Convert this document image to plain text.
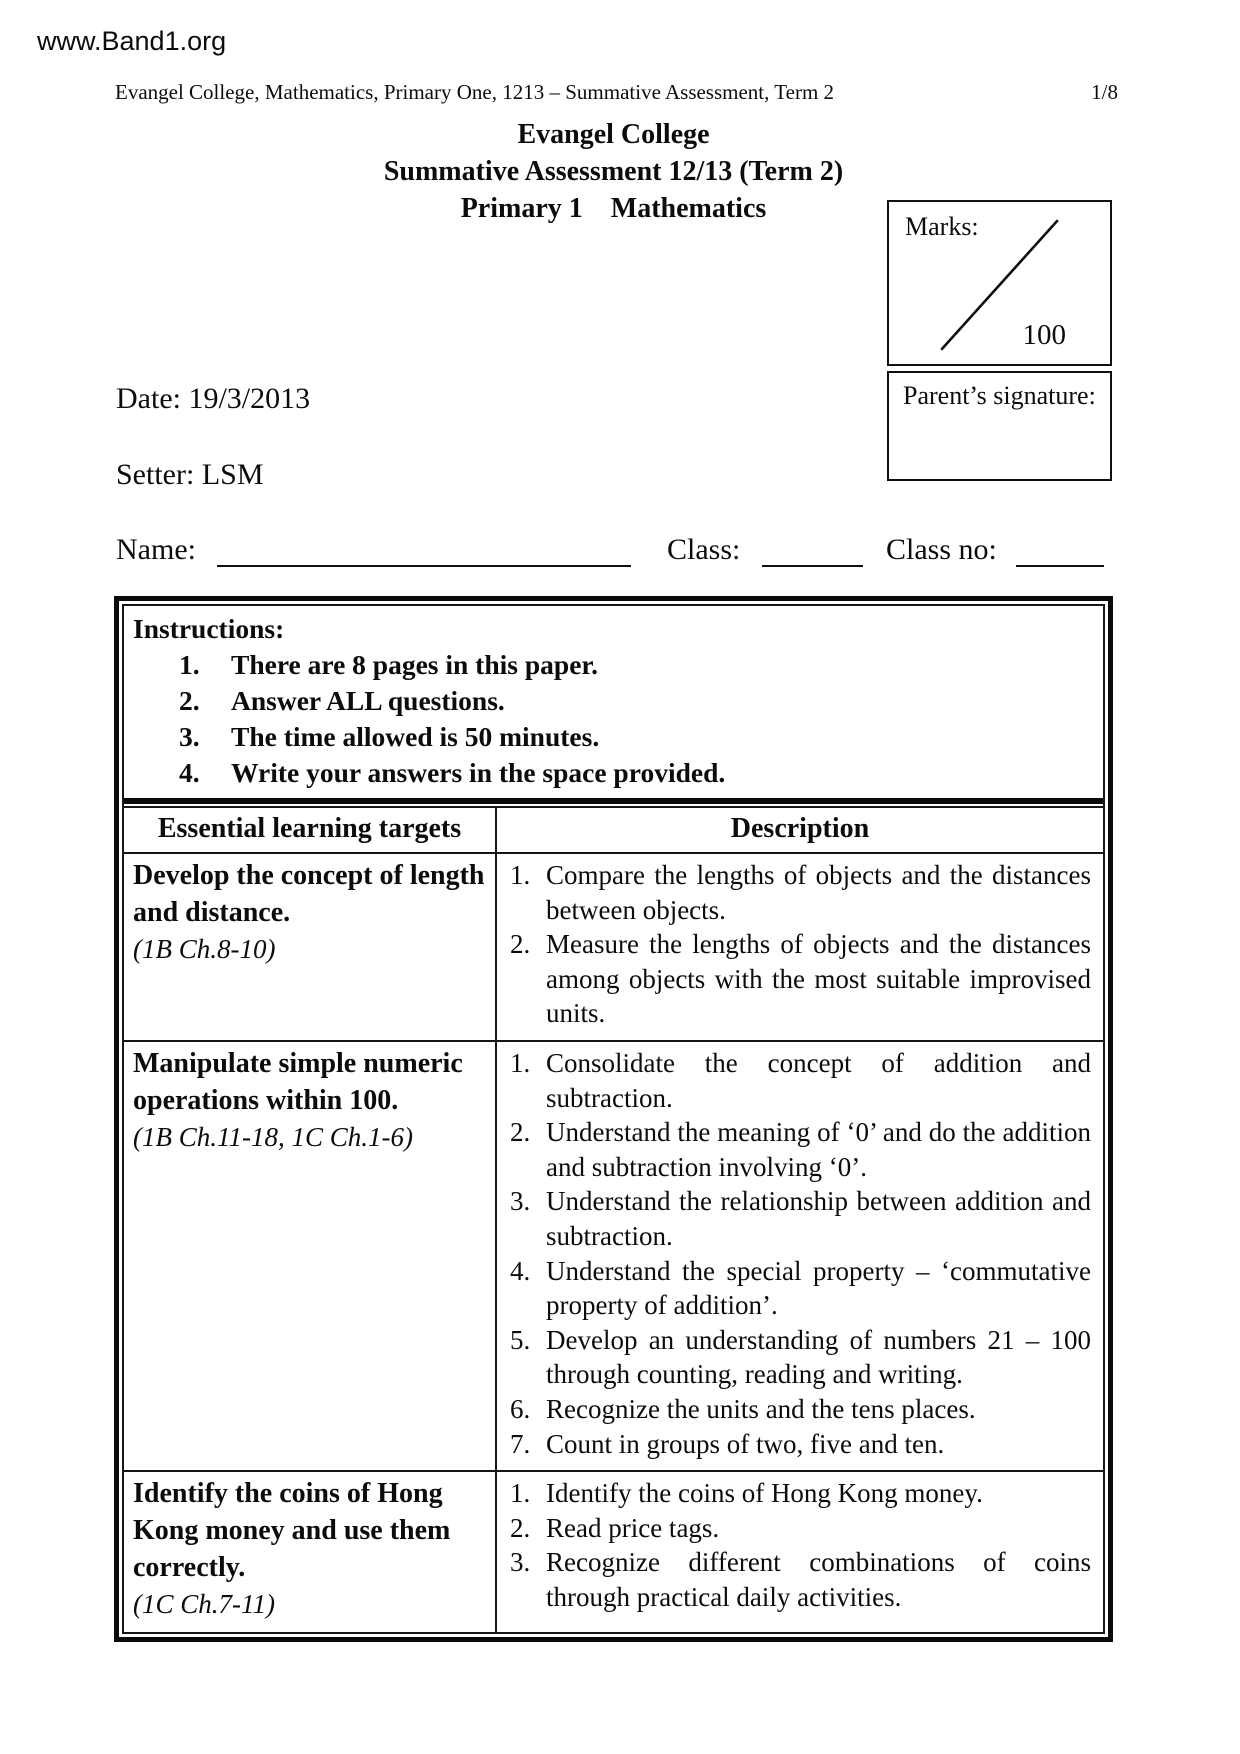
www.Band1.org
Evangel College, Mathematics, Primary One, 1213 – Summative Assessment, Term 2	1/8
Evangel College
Summative Assessment 12/13 (Term 2)
Primary 1    Mathematics
Marks:
100
Parent’s signature:
Date: 19/3/2013
Setter: LSM
Name:	Class:	Class no:
Instructions:
There are 8 pages in this paper.
Answer ALL questions.
The time allowed is 50 minutes.
Write your answers in the space provided.
Essential learning targets	Description

Develop the concept of length and distance.
(1B Ch.8-10)

Compare the lengths of objects and the distances between objects.
Measure the lengths of objects and the distances among objects with the most suitable improvised units.

Manipulate simple numeric operations within 100.
(1B Ch.11-18, 1C Ch.1-6)

Consolidate the concept of addition and subtraction.
Understand the meaning of ‘0’ and do the addition and subtraction involving ‘0’.
Understand the relationship between addition and subtraction.
Understand the special property – ‘commutative property of addition’.
Develop an understanding of numbers 21 – 100 through counting, reading and writing.
Recognize the units and the tens places.
Count in groups of two, five and ten.

Identify the coins of Hong Kong money and use them correctly.
(1C Ch.7-11)

Identify the coins of Hong Kong money.
Read price tags.
Recognize different combinations of coins through practical daily activities.
